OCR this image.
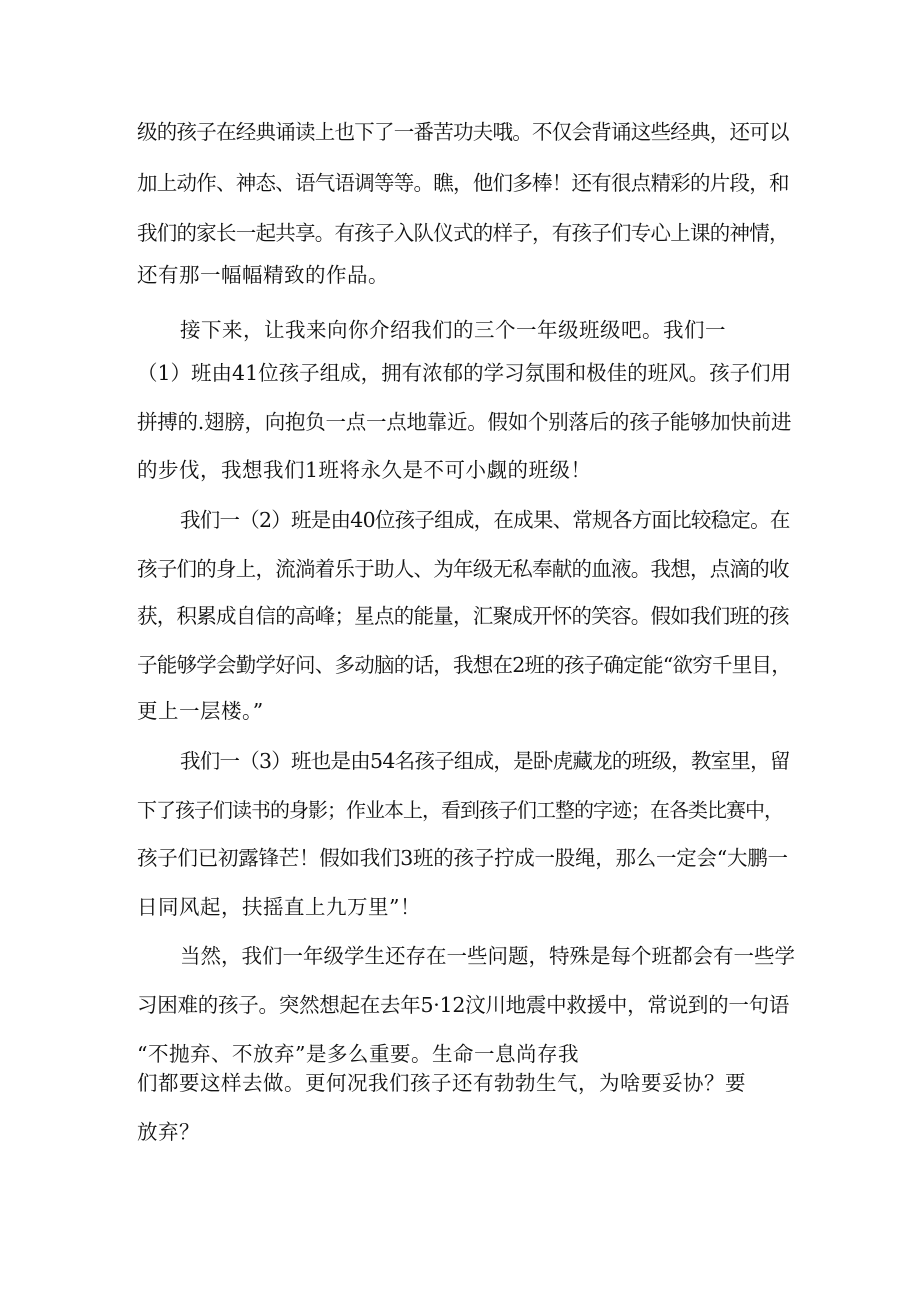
级的孩子在经典诵读上也下了一番苦功夫哦。不仅会背诵这些经典，还可以
加上动作、神态、语气语调等等。瞧，他们多棒！还有很点精彩的片段，和
我们的家长一起共享。有孩子入队仪式的样子，有孩子们专心上课的神情，
还有那一幅幅精致的作品。
接下来，让我来向你介绍我们的三个一年级班级吧。我们一
（1）班由41位孩子组成，拥有浓郁的学习氛围和极佳的班风。孩子们用
拼搏的.翅膀，向抱负一点一点地靠近。假如个别落后的孩子能够加快前进
的步伐，我想我们1班将永久是不可小觑的班级！
我们一（2）班是由40位孩子组成，在成果、常规各方面比较稳定。在
孩子们的身上，流淌着乐于助人、为年级无私奉献的血液。我想，点滴的收
获，积累成自信的高峰；星点的能量，汇聚成开怀的笑容。假如我们班的孩
子能够学会勤学好问、多动脑的话，我想在2班的孩子确定能“欲穷千里目，
更上一层楼。”
我们一（3）班也是由54名孩子组成，是卧虎藏龙的班级，教室里，留
下了孩子们读书的身影；作业本上，看到孩子们工整的字迹；在各类比赛中，
孩子们已初露锋芒！假如我们3班的孩子拧成一股绳，那么一定会“大鹏一
日同风起，扶摇直上九万里”！
当然，我们一年级学生还存在一些问题，特殊是每个班都会有一些学
习困难的孩子。突然想起在去年5·12汶川地震中救援中，常说到的一句语
“不抛弃、不放弃”是多么重要。生命一息尚存我
们都要这样去做。更何况我们孩子还有勃勃生气，为啥要妥协？要
放弃？
